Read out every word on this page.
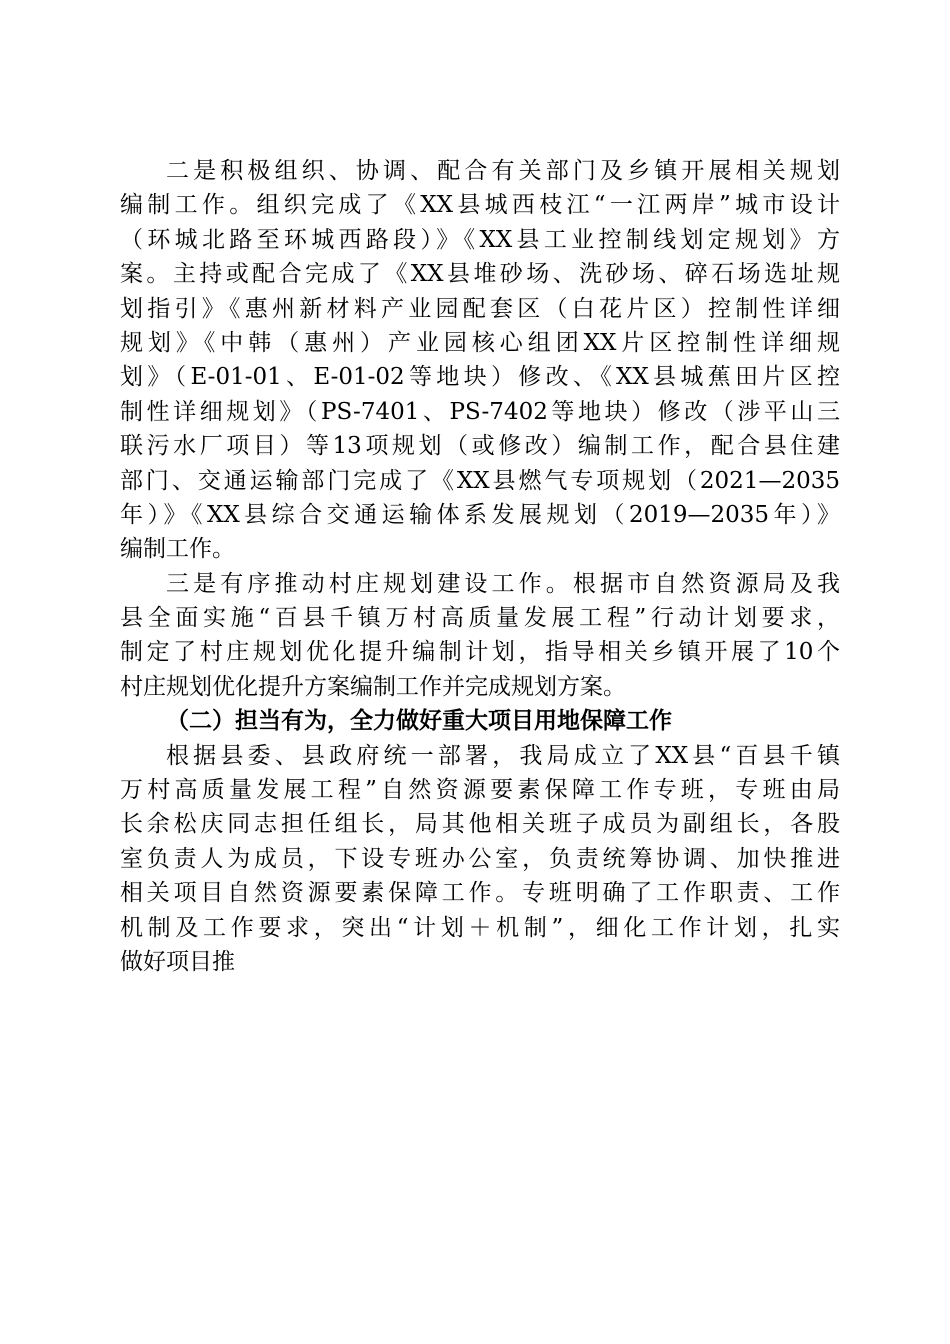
二是积极组织、协调、配合有关部门及乡镇开展相关规划
编制工作。组织完成了《XX县城西枝江“一江两岸”城市设计
（环城北路至环城西路段）》《XX县工业控制线划定规划》方
案。主持或配合完成了《XX县堆砂场、洗砂场、碎石场选址规
划指引》《惠州新材料产业园配套区（白花片区）控制性详细
规划》《中韩（惠州）产业园核心组团XX片区控制性详细规
划》（E-01-01、E-01-02等地块）修改、《XX县城蕉田片区控
制性详细规划》（PS-7401、PS-7402等地块）修改（涉平山三
联污水厂项目）等13项规划（或修改）编制工作，配合县住建
部门、交通运输部门完成了《XX县燃气专项规划（2021—2035
年）》《XX县综合交通运输体系发展规划（2019—2035年）》
编制工作。
三是有序推动村庄规划建设工作。根据市自然资源局及我
县全面实施“百县千镇万村高质量发展工程”行动计划要求，
制定了村庄规划优化提升编制计划，指导相关乡镇开展了10个
村庄规划优化提升方案编制工作并完成规划方案。
（二）担当有为，全力做好重大项目用地保障工作
根据县委、县政府统一部署，我局成立了XX县“百县千镇
万村高质量发展工程”自然资源要素保障工作专班，专班由局
长余松庆同志担任组长，局其他相关班子成员为副组长，各股
室负责人为成员，下设专班办公室，负责统筹协调、加快推进
相关项目自然资源要素保障工作。专班明确了工作职责、工作
机制及工作要求，突出“计划＋机制”，细化工作计划，扎实
做好项目推
